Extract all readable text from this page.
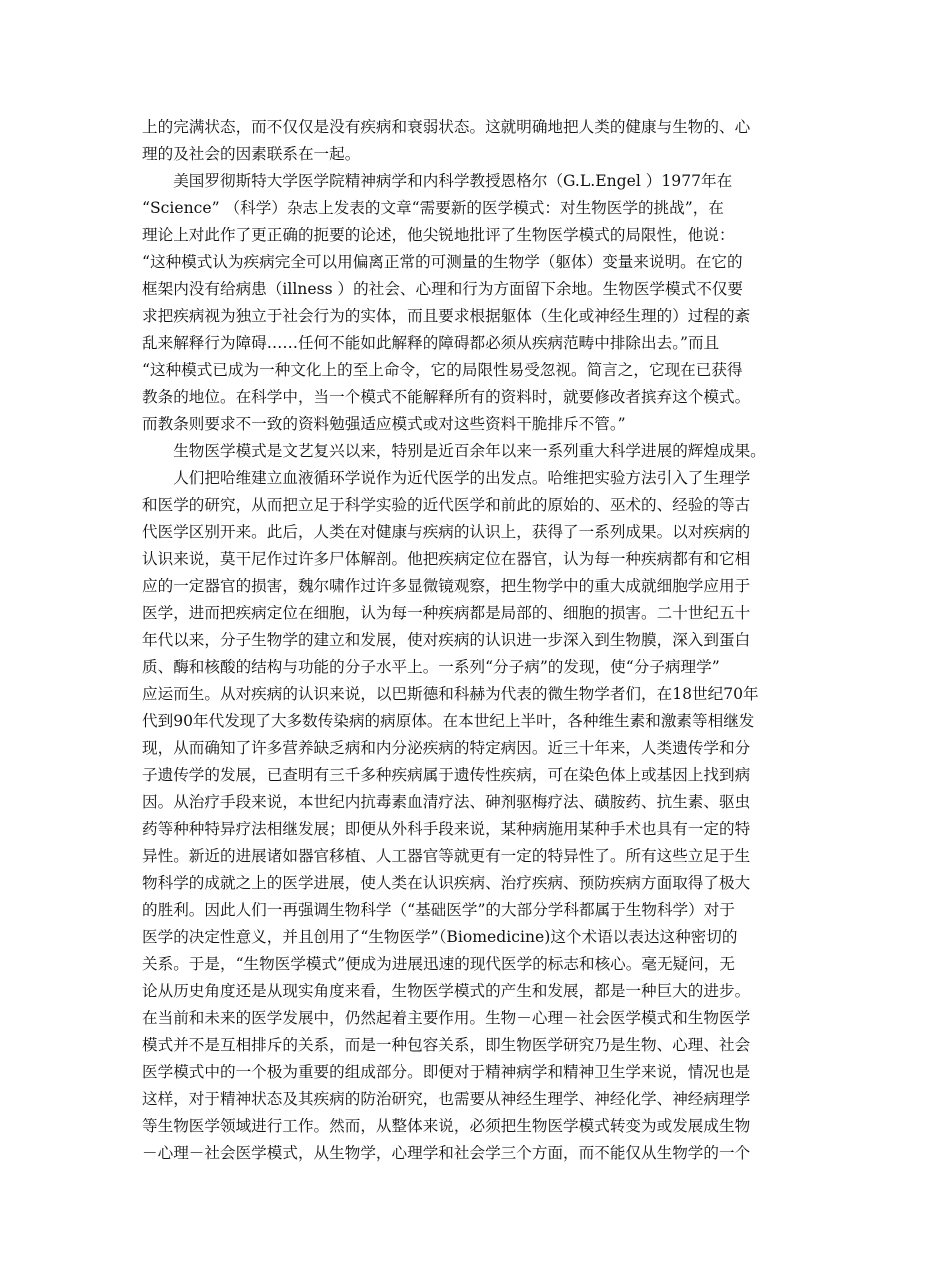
上的完满状态，而不仅仅是没有疾病和衰弱状态。这就明确地把人类的健康与生物的、心
理的及社会的因素联系在一起。
　　美国罗彻斯特大学医学院精神病学和内科学教授恩格尔（G.L.Engel ）1977年在
“Science” （科学）杂志上发表的文章“需要新的医学模式：对生物医学的挑战”，在
理论上对此作了更正确的扼要的论述，他尖锐地批评了生物医学模式的局限性，他说：
“这种模式认为疾病完全可以用偏离正常的可测量的生物学（躯体）变量来说明。在它的
框架内没有给病患（illness ）的社会、心理和行为方面留下余地。生物医学模式不仅要
求把疾病视为独立于社会行为的实体，而且要求根据躯体（生化或神经生理的）过程的紊
乱来解释行为障碍……任何不能如此解释的障碍都必须从疾病范畴中排除出去。”而且
“这种模式已成为一种文化上的至上命令，它的局限性易受忽视。简言之，它现在已获得
教条的地位。在科学中，当一个模式不能解释所有的资料时，就要修改者摈弃这个模式。
而教条则要求不一致的资料勉强适应模式或对这些资料干脆排斥不管。”
　　生物医学模式是文艺复兴以来，特别是近百余年以来一系列重大科学进展的辉煌成果。
　　人们把哈维建立血液循环学说作为近代医学的出发点。哈维把实验方法引入了生理学
和医学的研究，从而把立足于科学实验的近代医学和前此的原始的、巫术的、经验的等古
代医学区别开来。此后，人类在对健康与疾病的认识上，获得了一系列成果。以对疾病的
认识来说，莫干尼作过许多尸体解剖。他把疾病定位在器官，认为每一种疾病都有和它相
应的一定器官的损害，魏尔啸作过许多显微镜观察，把生物学中的重大成就细胞学应用于
医学，进而把疾病定位在细胞，认为每一种疾病都是局部的、细胞的损害。二十世纪五十
年代以来，分子生物学的建立和发展，使对疾病的认识进一步深入到生物膜，深入到蛋白
质、酶和核酸的结构与功能的分子水平上。一系列“分子病”的发现，使“分子病理学”
应运而生。从对疾病的认识来说，以巴斯德和科赫为代表的微生物学者们，在18世纪70年
代到90年代发现了大多数传染病的病原体。在本世纪上半叶，各种维生素和激素等相继发
现，从而确知了许多营养缺乏病和内分泌疾病的特定病因。近三十年来，人类遗传学和分
子遗传学的发展，已查明有三千多种疾病属于遗传性疾病，可在染色体上或基因上找到病
因。从治疗手段来说，本世纪内抗毒素血清疗法、砷剂驱梅疗法、磺胺药、抗生素、驱虫
药等种种特异疗法相继发展；即便从外科手段来说，某种病施用某种手术也具有一定的特
异性。新近的进展诸如器官移植、人工器官等就更有一定的特异性了。所有这些立足于生
物科学的成就之上的医学进展，使人类在认识疾病、治疗疾病、预防疾病方面取得了极大
的胜利。因此人们一再强调生物科学（“基础医学”的大部分学科都属于生物科学）对于
医学的决定性意义，并且创用了“生物医学”（Biomedicine)这个术语以表达这种密切的
关系。于是，“生物医学模式”便成为进展迅速的现代医学的标志和核心。毫无疑问，无
论从历史角度还是从现实角度来看，生物医学模式的产生和发展，都是一种巨大的进步。
在当前和未来的医学发展中，仍然起着主要作用。生物－心理－社会医学模式和生物医学
模式并不是互相排斥的关系，而是一种包容关系，即生物医学研究乃是生物、心理、社会
医学模式中的一个极为重要的组成部分。即便对于精神病学和精神卫生学来说，情况也是
这样，对于精神状态及其疾病的防治研究，也需要从神经生理学、神经化学、神经病理学
等生物医学领域进行工作。然而，从整体来说，必须把生物医学模式转变为或发展成生物
－心理－社会医学模式，从生物学，心理学和社会学三个方面，而不能仅从生物学的一个
